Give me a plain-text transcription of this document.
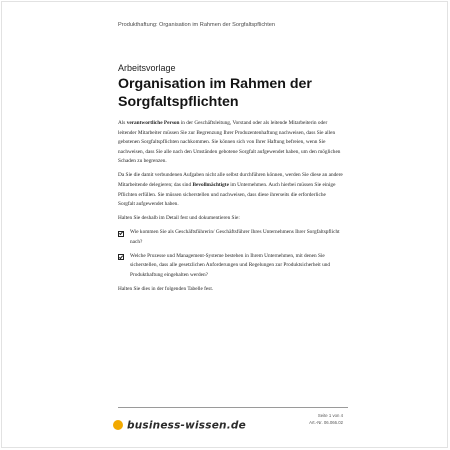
Produkthaftung: Organisation im Rahmen der Sorgfaltspflichten
Arbeitsvorlage
Organisation im Rahmen der Sorgfaltspflichten

Als verantwortliche Person in der Geschäftsleitung, Vorstand oder als leitende Mitarbeiterin oder leitender Mitarbeiter müssen Sie zur Begrenzung Ihrer Produzentenhaftung nachweisen, dass Sie allen gebotenen Sorgfaltspflichten nachkommen. Sie können sich von Ihrer Haftung befreien, wenn Sie nachweisen, dass Sie alle nach den Umständen gebotene Sorgfalt aufgewendet haben, um den möglichen Schaden zu begrenzen.

Da Sie die damit verbundenen Aufgaben nicht alle selbst durchführen können, werden Sie diese an andere Mitarbeitende delegieren; das sind Bevollmächtigte im Unternehmen. Auch hierbei müssen Sie einige Pflichten erfüllen. Sie müssen sicherstellen und nachweisen, dass diese ihrerseits die erforderliche Sorgfalt aufgewendet haben.

Halten Sie deshalb im Detail fest und dokumentieren Sie:

Wie kommen Sie als Geschäftsführerin/ Geschäftsführer Ihres Unternehmens Ihrer Sorgfaltspflicht nach?
Welche Prozesse und Management-Systeme bestehen in Ihrem Unternehmen, mit denen Sie sicherstellen, dass alle gesetzlichen Anforderungen und Regelungen zur Produktsicherheit und Produkthaftung eingehalten werden?

Halten Sie dies in der folgenden Tabelle fest.

business-wissen.de
Seite 1 von 4
Art.-Nr. 06.066.02
